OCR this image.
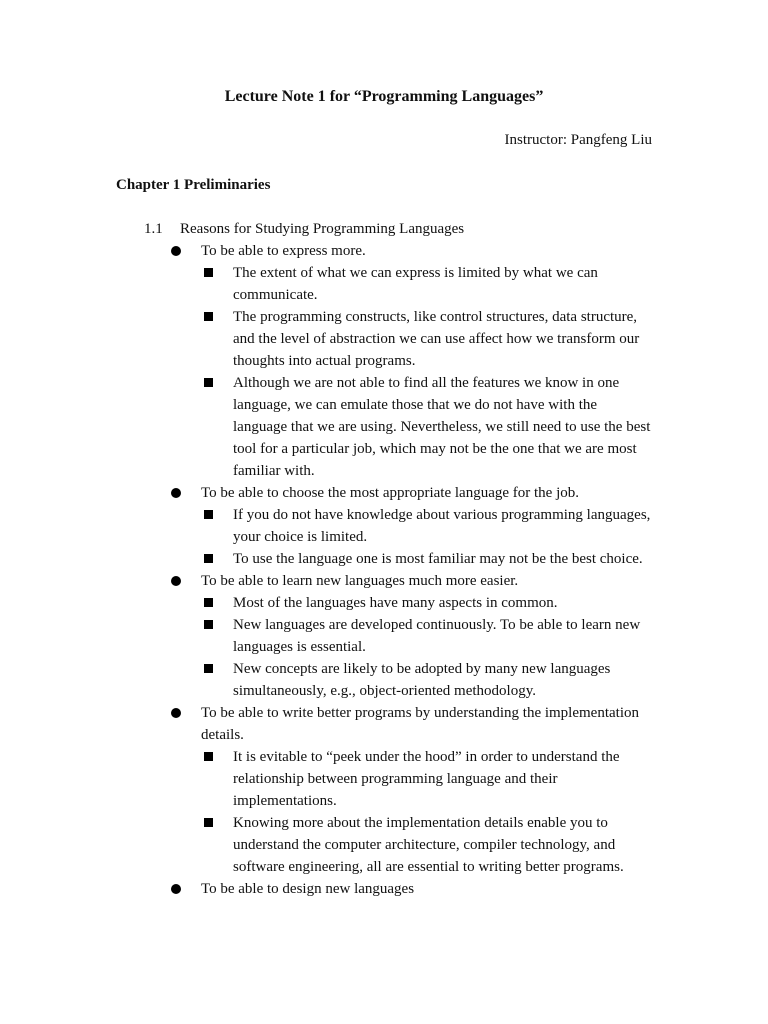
Lecture Note 1 for “Programming Languages”
Instructor: Pangfeng Liu
Chapter 1 Preliminaries
1.1 Reasons for Studying Programming Languages
To be able to express more.
The extent of what we can express is limited by what we can communicate.
The programming constructs, like control structures, data structure, and the level of abstraction we can use affect how we transform our thoughts into actual programs.
Although we are not able to find all the features we know in one language, we can emulate those that we do not have with the language that we are using. Nevertheless, we still need to use the best tool for a particular job, which may not be the one that we are most familiar with.
To be able to choose the most appropriate language for the job.
If you do not have knowledge about various programming languages, your choice is limited.
To use the language one is most familiar may not be the best choice.
To be able to learn new languages much more easier.
Most of the languages have many aspects in common.
New languages are developed continuously. To be able to learn new languages is essential.
New concepts are likely to be adopted by many new languages simultaneously, e.g., object-oriented methodology.
To be able to write better programs by understanding the implementation details.
It is evitable to “peek under the hood” in order to understand the relationship between programming language and their implementations.
Knowing more about the implementation details enable you to understand the computer architecture, compiler technology, and software engineering, all are essential to writing better programs.
To be able to design new languages
